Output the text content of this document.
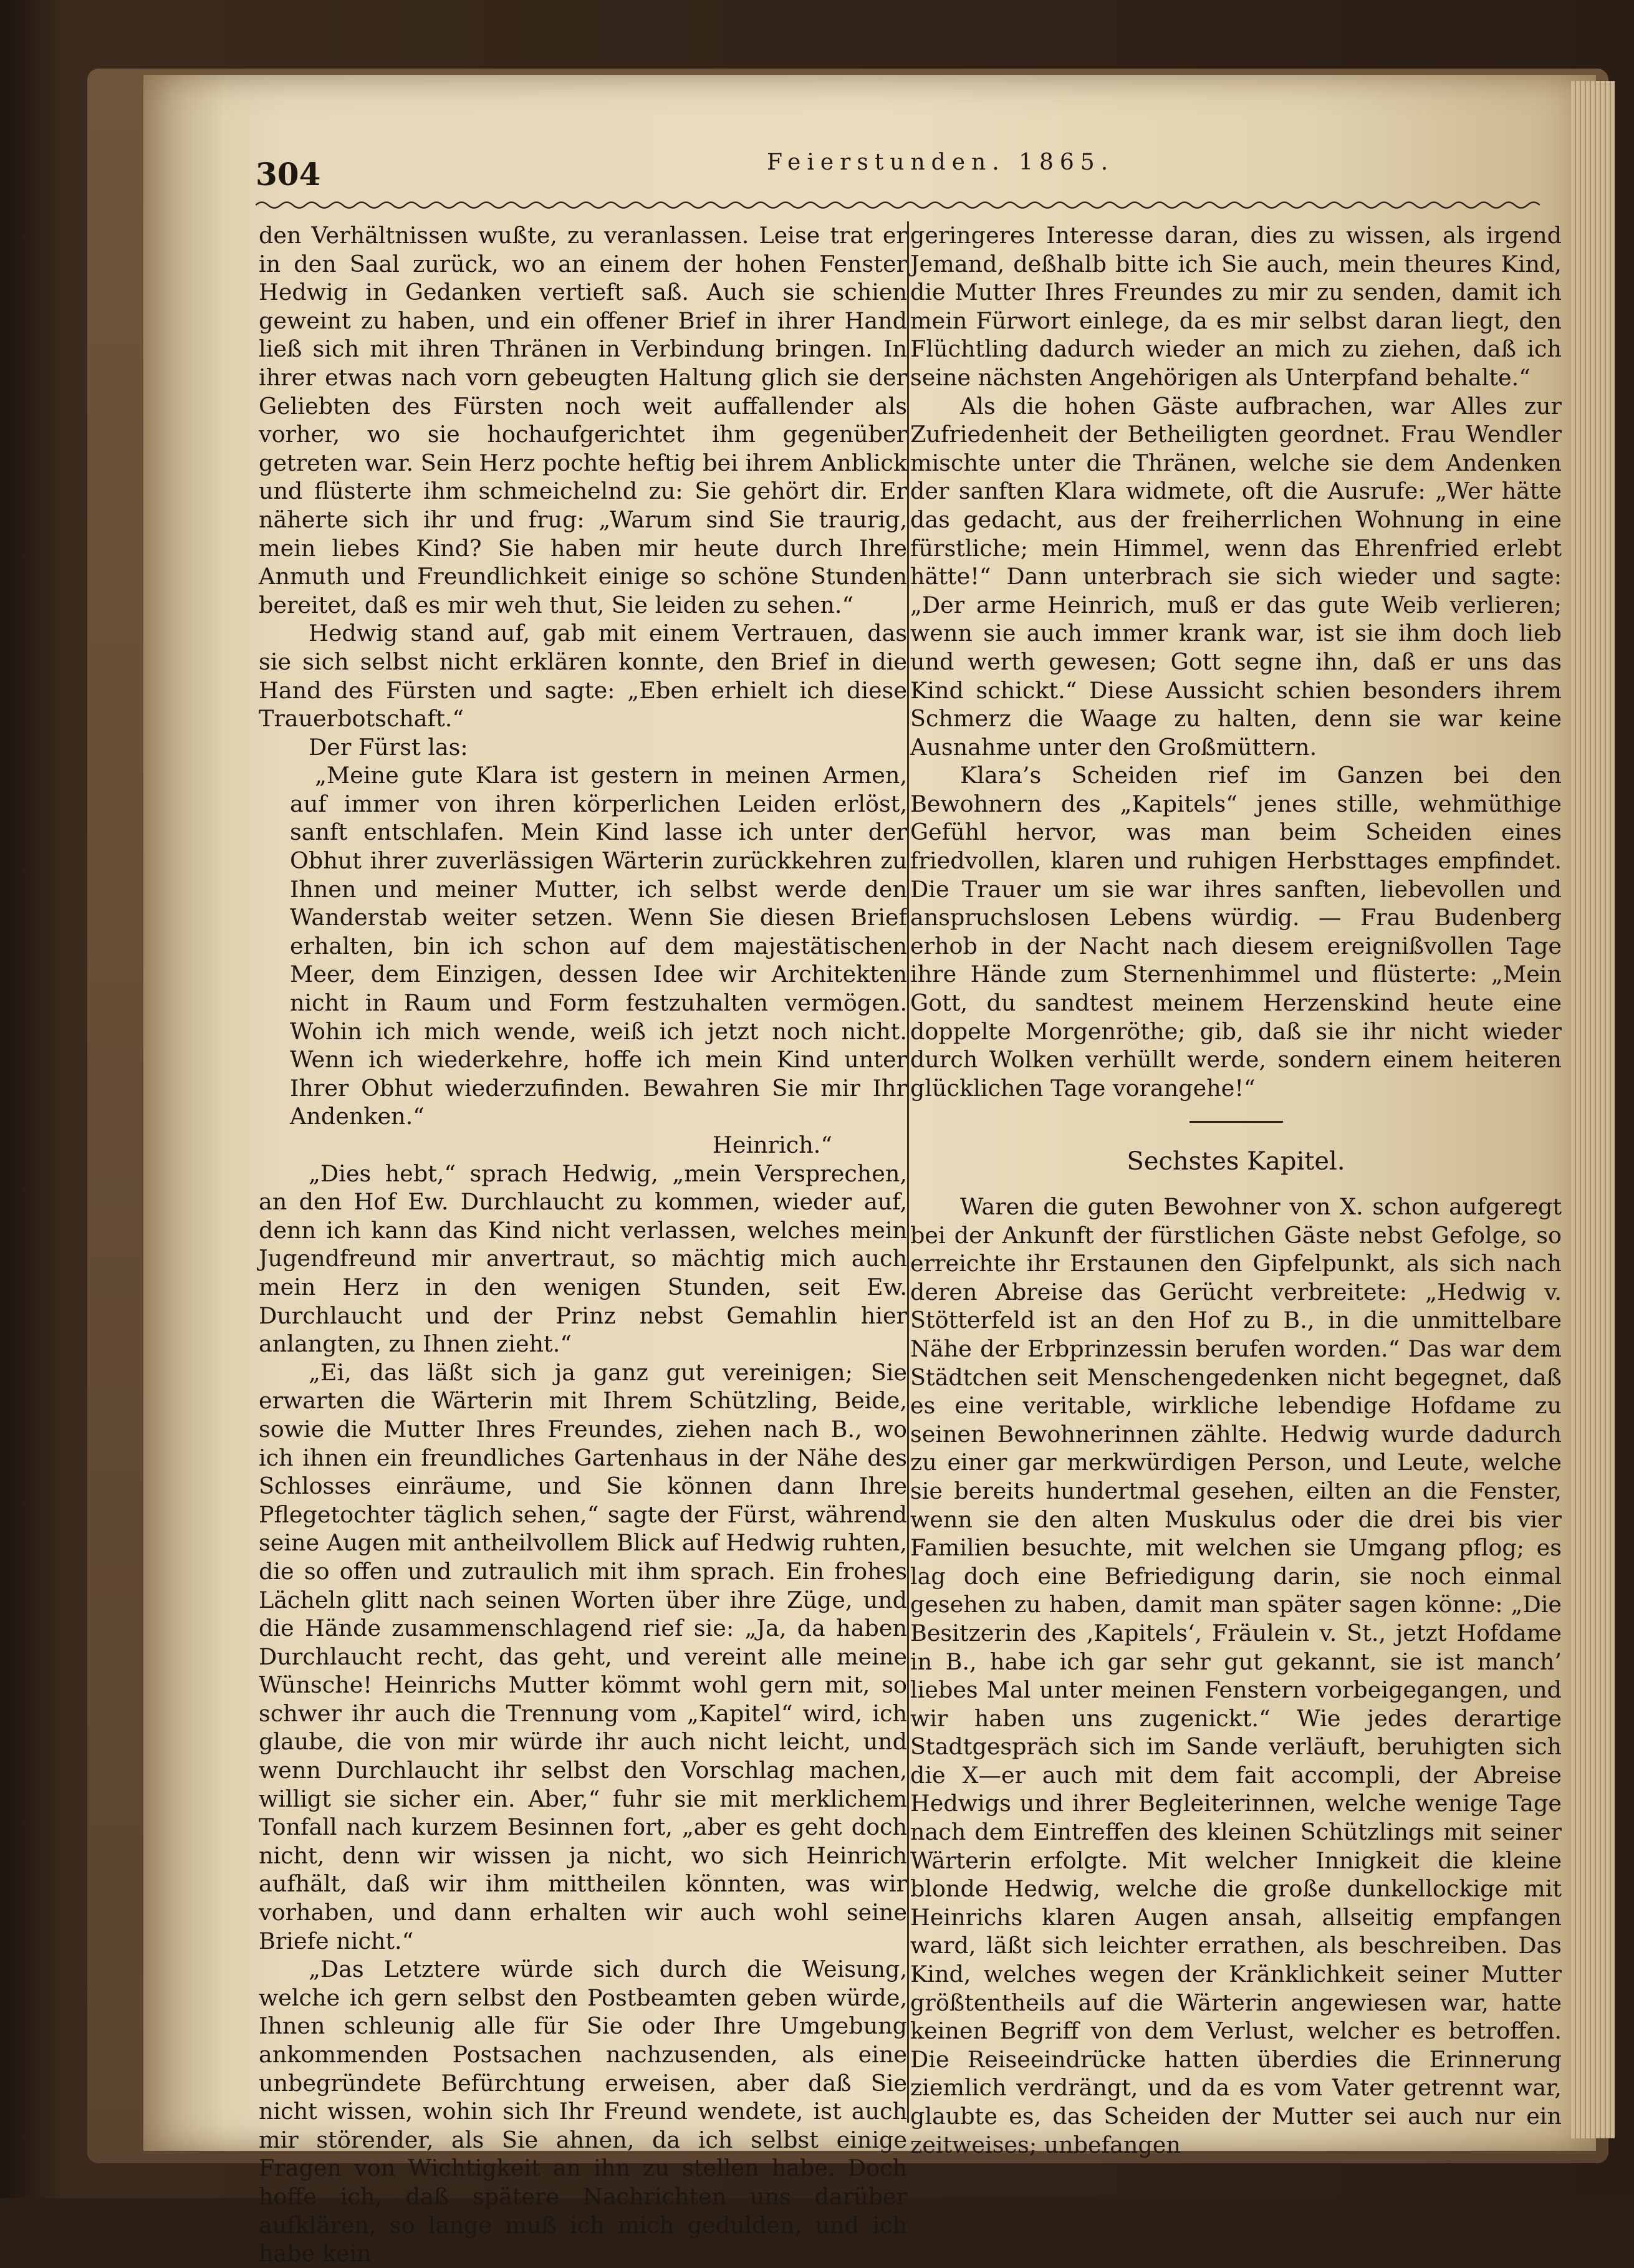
304	Feierstunden. 1865.

den Verhältnissen wußte, zu veranlassen. Leise trat er in den Saal zurück, wo an einem der hohen Fenster Hedwig in Gedanken vertieft saß. Auch sie schien geweint zu haben, und ein offener Brief in ihrer Hand ließ sich mit ihren Thränen in Verbindung bringen. In ihrer etwas nach vorn gebeugten Haltung glich sie der Geliebten des Fürsten noch weit auffallender als vorher, wo sie hochaufgerichtet ihm gegenüber getreten war. Sein Herz pochte heftig bei ihrem Anblick und flüsterte ihm schmeichelnd zu: Sie gehört dir. Er näherte sich ihr und frug: „Warum sind Sie traurig, mein liebes Kind? Sie haben mir heute durch Ihre Anmuth und Freundlichkeit einige so schöne Stunden bereitet, daß es mir weh thut, Sie leiden zu sehen.“

Hedwig stand auf, gab mit einem Vertrauen, das sie sich selbst nicht erklären konnte, den Brief in die Hand des Fürsten und sagte: „Eben erhielt ich diese Trauerbotschaft.“

Der Fürst las:

„Meine gute Klara ist gestern in meinen Armen, auf immer von ihren körperlichen Leiden erlöst, sanft entschlafen. Mein Kind lasse ich unter der Obhut ihrer zuverlässigen Wärterin zurückkehren zu Ihnen und meiner Mutter, ich selbst werde den Wanderstab weiter setzen. Wenn Sie diesen Brief erhalten, bin ich schon auf dem majestätischen Meer, dem Einzigen, dessen Idee wir Architekten nicht in Raum und Form festzuhalten vermögen. Wohin ich mich wende, weiß ich jetzt noch nicht. Wenn ich wiederkehre, hoffe ich mein Kind unter Ihrer Obhut wiederzufinden. Bewahren Sie mir Ihr Andenken.“

Heinrich.“

„Dies hebt,“ sprach Hedwig, „mein Versprechen, an den Hof Ew. Durchlaucht zu kommen, wieder auf, denn ich kann das Kind nicht verlassen, welches mein Jugendfreund mir anvertraut, so mächtig mich auch mein Herz in den wenigen Stunden, seit Ew. Durchlaucht und der Prinz nebst Gemahlin hier anlangten, zu Ihnen zieht.“

„Ei, das läßt sich ja ganz gut vereinigen; Sie erwarten die Wärterin mit Ihrem Schützling, Beide, sowie die Mutter Ihres Freundes, ziehen nach B., wo ich ihnen ein freundliches Gartenhaus in der Nähe des Schlosses einräume, und Sie können dann Ihre Pflegetochter täglich sehen,“ sagte der Fürst, während seine Augen mit antheilvollem Blick auf Hedwig ruhten, die so offen und zutraulich mit ihm sprach. Ein frohes Lächeln glitt nach seinen Worten über ihre Züge, und die Hände zusammenschlagend rief sie: „Ja, da haben Durchlaucht recht, das geht, und vereint alle meine Wünsche! Heinrichs Mutter kömmt wohl gern mit, so schwer ihr auch die Trennung vom „Kapitel“ wird, ich glaube, die von mir würde ihr auch nicht leicht, und wenn Durchlaucht ihr selbst den Vorschlag machen, willigt sie sicher ein. Aber,“ fuhr sie mit merklichem Tonfall nach kurzem Besinnen fort, „aber es geht doch nicht, denn wir wissen ja nicht, wo sich Heinrich aufhält, daß wir ihm mittheilen könnten, was wir vorhaben, und dann erhalten wir auch wohl seine Briefe nicht.“

„Das Letztere würde sich durch die Weisung, welche ich gern selbst den Postbeamten geben würde, Ihnen schleunig alle für Sie oder Ihre Umgebung ankommenden Postsachen nachzusenden, als eine unbegründete Befürchtung erweisen, aber daß Sie nicht wissen, wohin sich Ihr Freund wendete, ist auch mir störender, als Sie ahnen, da ich selbst einige Fragen von Wichtigkeit an ihn zu stellen habe. Doch hoffe ich, daß spätere Nachrichten uns darüber aufklären, so lange muß ich mich gedulden, und ich habe kein

geringeres Interesse daran, dies zu wissen, als irgend Jemand, deßhalb bitte ich Sie auch, mein theures Kind, die Mutter Ihres Freundes zu mir zu senden, damit ich mein Fürwort einlege, da es mir selbst daran liegt, den Flüchtling dadurch wieder an mich zu ziehen, daß ich seine nächsten Angehörigen als Unterpfand behalte.“

Als die hohen Gäste aufbrachen, war Alles zur Zufriedenheit der Betheiligten geordnet. Frau Wendler mischte unter die Thränen, welche sie dem Andenken der sanften Klara widmete, oft die Ausrufe: „Wer hätte das gedacht, aus der freiherrlichen Wohnung in eine fürstliche; mein Himmel, wenn das Ehrenfried erlebt hätte!“ Dann unterbrach sie sich wieder und sagte: „Der arme Heinrich, muß er das gute Weib verlieren; wenn sie auch immer krank war, ist sie ihm doch lieb und werth gewesen; Gott segne ihn, daß er uns das Kind schickt.“ Diese Aussicht schien besonders ihrem Schmerz die Waage zu halten, denn sie war keine Ausnahme unter den Großmüttern.

Klara’s Scheiden rief im Ganzen bei den Bewohnern des „Kapitels“ jenes stille, wehmüthige Gefühl hervor, was man beim Scheiden eines friedvollen, klaren und ruhigen Herbsttages empfindet. Die Trauer um sie war ihres sanften, liebevollen und anspruchslosen Lebens würdig. — Frau Budenberg erhob in der Nacht nach diesem ereignißvollen Tage ihre Hände zum Sternenhimmel und flüsterte: „Mein Gott, du sandtest meinem Herzenskind heute eine doppelte Morgenröthe; gib, daß sie ihr nicht wieder durch Wolken verhüllt werde, sondern einem heiteren glücklichen Tage vorangehe!“

Sechstes Kapitel.

Waren die guten Bewohner von X. schon aufgeregt bei der Ankunft der fürstlichen Gäste nebst Gefolge, so erreichte ihr Erstaunen den Gipfelpunkt, als sich nach deren Abreise das Gerücht verbreitete: „Hedwig v. Stötterfeld ist an den Hof zu B., in die unmittelbare Nähe der Erbprinzessin berufen worden.“ Das war dem Städtchen seit Menschengedenken nicht begegnet, daß es eine veritable, wirkliche lebendige Hofdame zu seinen Bewohnerinnen zählte. Hedwig wurde dadurch zu einer gar merkwürdigen Person, und Leute, welche sie bereits hundertmal gesehen, eilten an die Fenster, wenn sie den alten Muskulus oder die drei bis vier Familien besuchte, mit welchen sie Umgang pflog; es lag doch eine Befriedigung darin, sie noch einmal gesehen zu haben, damit man später sagen könne: „Die Besitzerin des ‚Kapitels‘, Fräulein v. St., jetzt Hofdame in B., habe ich gar sehr gut gekannt, sie ist manch’ liebes Mal unter meinen Fenstern vorbeigegangen, und wir haben uns zugenickt.“ Wie jedes derartige Stadtgespräch sich im Sande verläuft, beruhigten sich die X—er auch mit dem fait accompli, der Abreise Hedwigs und ihrer Begleiterinnen, welche wenige Tage nach dem Eintreffen des kleinen Schützlings mit seiner Wärterin erfolgte. Mit welcher Innigkeit die kleine blonde Hedwig, welche die große dunkellockige mit Heinrichs klaren Augen ansah, allseitig empfangen ward, läßt sich leichter errathen, als beschreiben. Das Kind, welches wegen der Kränklichkeit seiner Mutter größtentheils auf die Wärterin angewiesen war, hatte keinen Begriff von dem Verlust, welcher es betroffen. Die Reiseeindrücke hatten überdies die Erinnerung ziemlich verdrängt, und da es vom Vater getrennt war, glaubte es, das Scheiden der Mutter sei auch nur ein zeitweises; unbefangen
